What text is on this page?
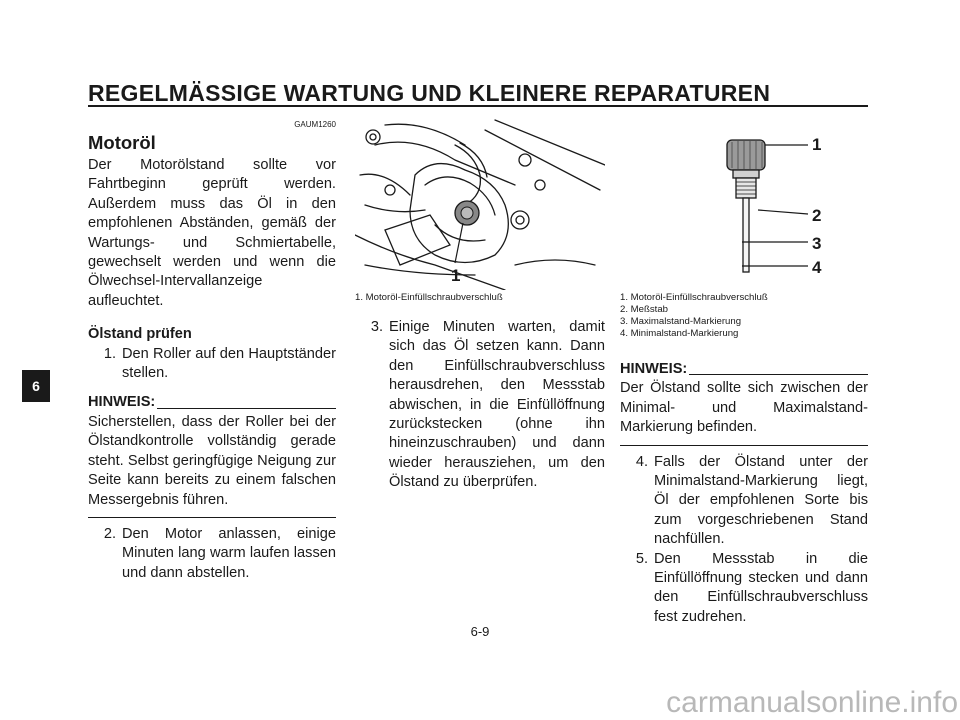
REGELMÄSSIGE WARTUNG UND KLEINERE REPARATUREN
6
GAUM1260
Motoröl
Der Motorölstand sollte vor Fahrtbeginn geprüft werden. Außerdem muss das Öl in den empfohlenen Abständen, gemäß der Wartungs- und Schmiertabelle, gewechselt werden und wenn die Ölwechsel-Intervallanzeige aufleuchtet.
Ölstand prüfen
1. Den Roller auf den Hauptständer stellen.
HINWEIS:
Sicherstellen, dass der Roller bei der Ölstandkontrolle vollständig gerade steht. Selbst geringfügige Neigung zur Seite kann bereits zu einem falschen Messergebnis führen.
2. Den Motor anlassen, einige Minuten lang warm laufen lassen und dann abstellen.
1
1. Motoröl-Einfüllschraubverschluß
3. Einige Minuten warten, damit sich das Öl setzen kann. Dann den Einfüllschraubverschluss herausdrehen, den Messstab abwischen, in die Einfüllöffnung zurückstecken (ohne ihn hineinzuschrauben) und dann wieder herausziehen, um den Ölstand zu überprüfen.
1
2
3
4
1. Motoröl-Einfüllschraubverschluß
2. Meßstab
3. Maximalstand-Markierung
4. Minimalstand-Markierung
HINWEIS:
Der Ölstand sollte sich zwischen der Minimal- und Maximalstand-Markierung befinden.
4. Falls der Ölstand unter der Minimalstand-Markierung liegt, Öl der empfohlenen Sorte bis zum vorgeschriebenen Stand nachfüllen.
5. Den Messstab in die Einfüllöffnung stecken und dann den Einfüllschraubverschluss fest zudrehen.
6-9
carmanualsonline.info
